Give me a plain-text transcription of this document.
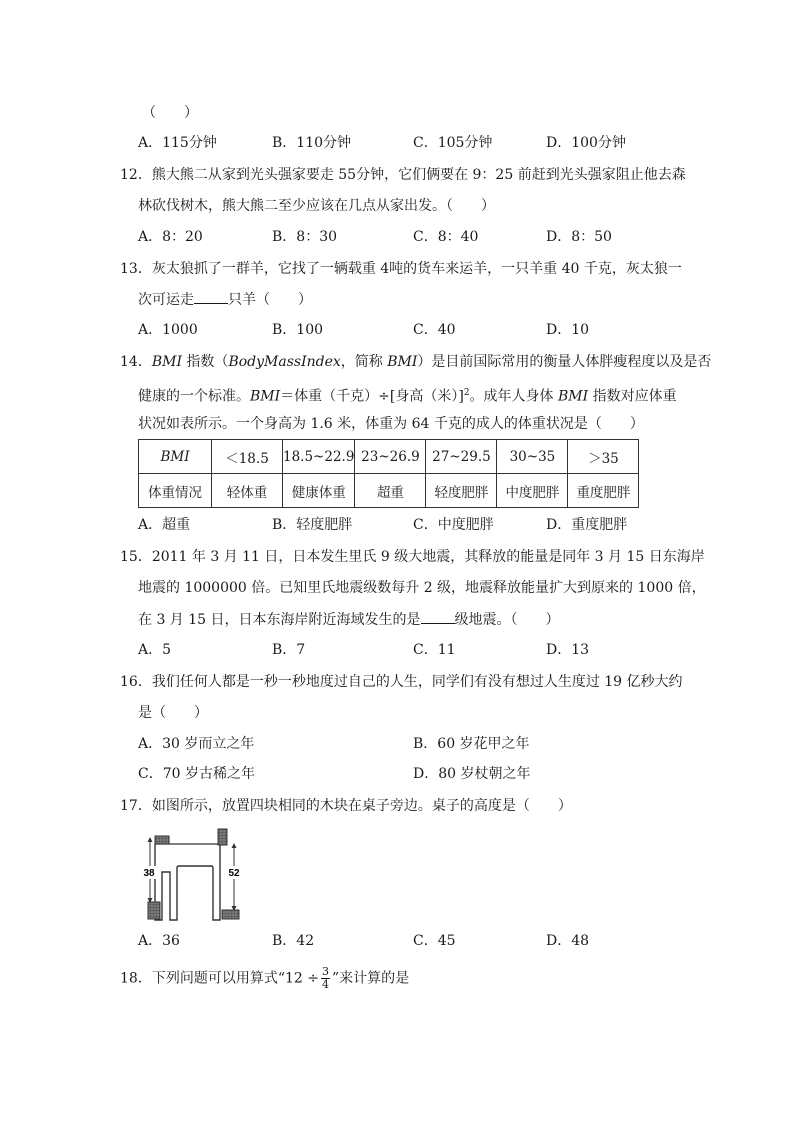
（　　）
A．115分钟	B．110分钟	C．105分钟	D．100分钟
12．熊大熊二从家到光头强家要走 55分钟，它们俩要在 9：25 前赶到光头强家阻止他去森
林砍伐树木，熊大熊二至少应该在几点从家出发。（　　）
A．8：20	B．8：30	C．8：40	D．8：50
13．灰太狼抓了一群羊，它找了一辆载重 4吨的货车来运羊，一只羊重 40 千克，灰太狼一
次可运走 只羊（　　）
A．1000	B．100	C．40	D．10
14．BMI 指数（BodyMassIndex，简称 BMI）是目前国际常用的衡量人体胖瘦程度以及是否
健康的一个标准。BMI＝体重（千克）÷[身高（米）]$^2$。成年人身体 BMI 指数对应体重
状况如表所示。一个身高为 1.6 米，体重为 64 千克的成人的体重状况是（　　）
BMI	＜18.5	18.5~22.9	23~26.9	27~29.5	30~35	＞35
体重情况	轻体重	健康体重	超重	轻度肥胖	中度肥胖	重度肥胖
A．超重	B．轻度肥胖	C．中度肥胖	D．重度肥胖
15．2011 年 3 月 11 日，日本发生里氏 9 级大地震，其释放的能量是同年 3 月 15 日东海岸
地震的 1000000 倍。已知里氏地震级数每升 2 级，地震释放能量扩大到原来的 1000 倍，
在 3 月 15 日，日本东海岸附近海域发生的是 级地震。（　　）
A．5	B．7	C．11	D．13
16．我们任何人都是一秒一秒地度过自己的人生，同学们有没有想过人生度过 19 亿秒大约
是（　　）
A．30 岁而立之年	B．60 岁花甲之年
C．70 岁古稀之年	D．80 岁杖朝之年
17．如图所示，放置四块相同的木块在桌子旁边。桌子的高度是（　　）
38	52
A．36	B．42	C．45	D．48
18．下列问题可以用算式“$12 \div \frac{3}{4}$ ”来计算的是
